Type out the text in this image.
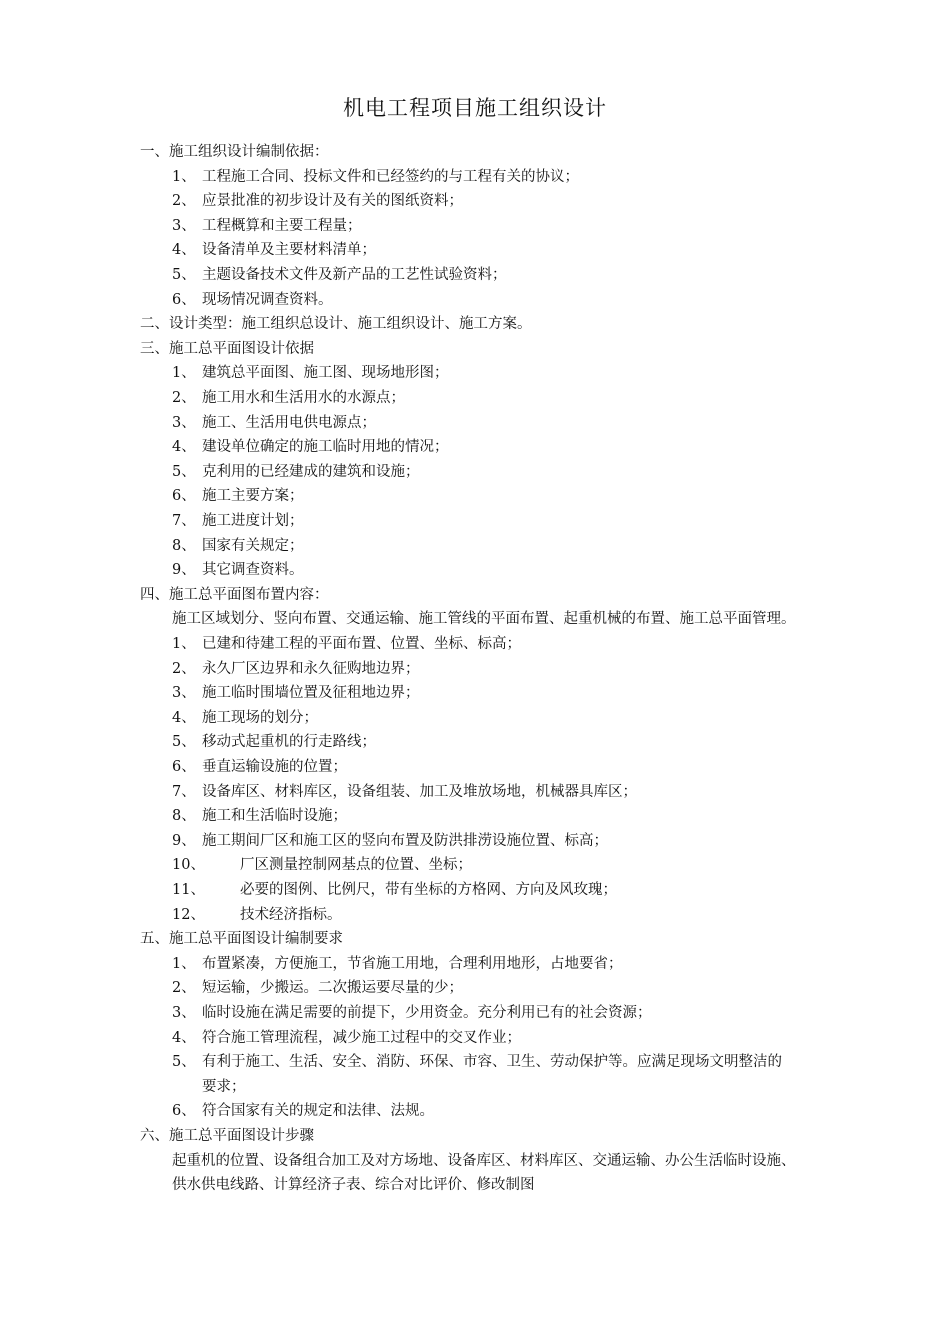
机电工程项目施工组织设计
一、施工组织设计编制依据：
1、 工程施工合同、投标文件和已经签约的与工程有关的协议；
2、 应景批准的初步设计及有关的图纸资料；
3、 工程概算和主要工程量；
4、 设备清单及主要材料清单；
5、 主题设备技术文件及新产品的工艺性试验资料；
6、 现场情况调查资料。
二、设计类型：施工组织总设计、施工组织设计、施工方案。
三、施工总平面图设计依据
1、 建筑总平面图、施工图、现场地形图；
2、 施工用水和生活用水的水源点；
3、 施工、生活用电供电源点；
4、 建设单位确定的施工临时用地的情况；
5、 克利用的已经建成的建筑和设施；
6、 施工主要方案；
7、 施工进度计划；
8、 国家有关规定；
9、 其它调查资料。
四、施工总平面图布置内容：
施工区域划分、竖向布置、交通运输、施工管线的平面布置、起重机械的布置、施工总平面管理。
1、 已建和待建工程的平面布置、位置、坐标、标高；
2、 永久厂区边界和永久征购地边界；
3、 施工临时围墙位置及征租地边界；
4、 施工现场的划分；
5、 移动式起重机的行走路线；
6、 垂直运输设施的位置；
7、 设备库区、材料库区，设备组装、加工及堆放场地，机械器具库区；
8、 施工和生活临时设施；
9、 施工期间厂区和施工区的竖向布置及防洪排涝设施位置、标高；
10、 厂区测量控制网基点的位置、坐标；
11、 必要的图例、比例尺，带有坐标的方格网、方向及风玫瑰；
12、 技术经济指标。
五、施工总平面图设计编制要求
1、 布置紧凑，方便施工，节省施工用地，合理利用地形，占地要省；
2、 短运输，少搬运。二次搬运要尽量的少；
3、 临时设施在满足需要的前提下，少用资金。充分利用已有的社会资源；
4、 符合施工管理流程，减少施工过程中的交叉作业；
5、 有利于施工、生活、安全、消防、环保、市容、卫生、劳动保护等。应满足现场文明整洁的
要求；
6、 符合国家有关的规定和法律、法规。
六、施工总平面图设计步骤
起重机的位置、设备组合加工及对方场地、设备库区、材料库区、交通运输、办公生活临时设施、
供水供电线路、计算经济子表、综合对比评价、修改制图
